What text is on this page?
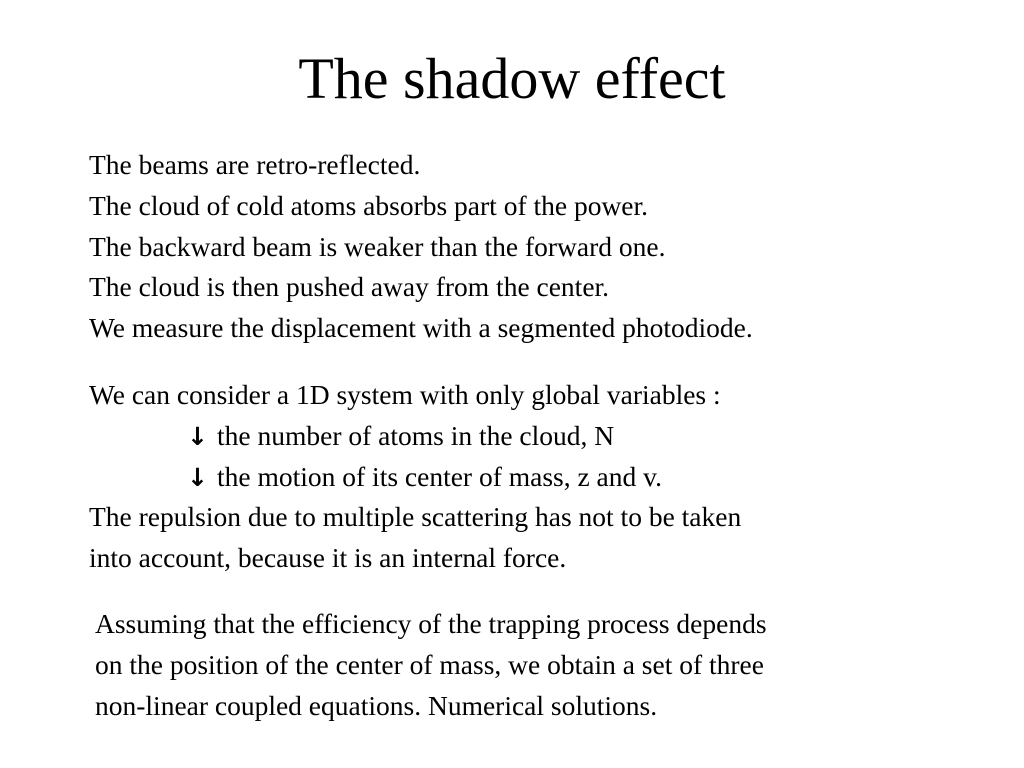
The shadow effect
The beams are retro-reflected.
The cloud of cold atoms absorbs part of the power.
The backward beam is weaker than the forward one.
The cloud is then pushed away from the center.
We measure the displacement with a segmented photodiode.
We can consider a 1D system with only global variables :
↓ the number of atoms in the cloud, N
↓ the motion of its center of mass, z and v.
The repulsion due to multiple scattering has not to be taken
into account, because it is an internal force.
Assuming that the efficiency of the trapping process depends
on the position of the center of mass, we obtain a set of three
non-linear coupled equations. Numerical solutions.
